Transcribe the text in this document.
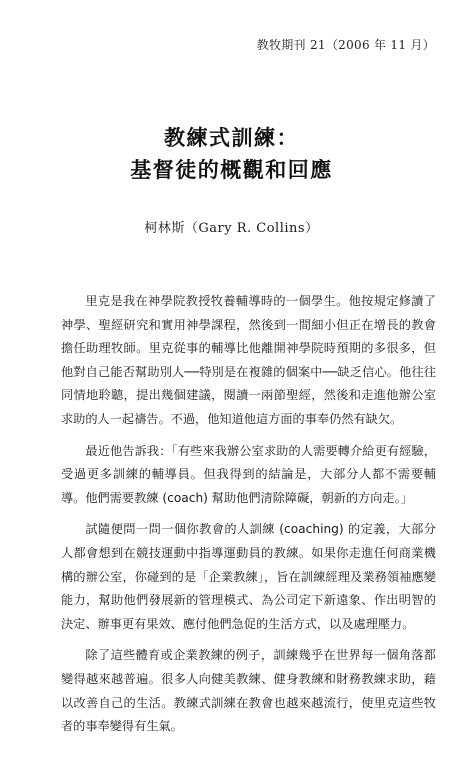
教牧期刊 21（2006 年 11 月）
教練式訓練：
基督徒的概觀和回應
柯林斯（Gary R. Collins）

里克是我在神學院教授牧養輔導時的一個學生。他按規定修讀了神學、聖經研究和實用神學課程，然後到一間細小但正在增長的教會擔任助理牧師。里克從事的輔導比他離開神學院時預期的多很多，但他對自己能否幫助別人──特別是在複雜的個案中──缺乏信心。他往往同情地聆聽，提出幾個建議，閱讀一兩節聖經，然後和走進他辦公室求助的人一起禱告。不過，他知道他這方面的事奉仍然有缺欠。

最近他告訴我：「有些來我辦公室求助的人需要轉介給更有經驗，受過更多訓練的輔導員。但我得到的結論是，大部分人都不需要輔導。他們需要教練 (coach) 幫助他們清除障礙，朝新的方向走。」

試隨便問一問一個你教會的人訓練 (coaching) 的定義，大部分人都會想到在競技運動中指導運動員的教練。如果你走進任何商業機構的辦公室，你碰到的是「企業教練」，旨在訓練經理及業務領袖應變能力，幫助他們發展新的管理模式、為公司定下新遠象、作出明智的決定、辦事更有果效、應付他們急促的生活方式，以及處理壓力。

除了這些體育或企業教練的例子，訓練幾乎在世界每一個角落都變得越來越普遍。很多人向健美教練、健身教練和財務教練求助，藉以改善自己的生活。教練式訓練在教會也越來越流行，使里克這些牧者的事奉變得有生氣。
